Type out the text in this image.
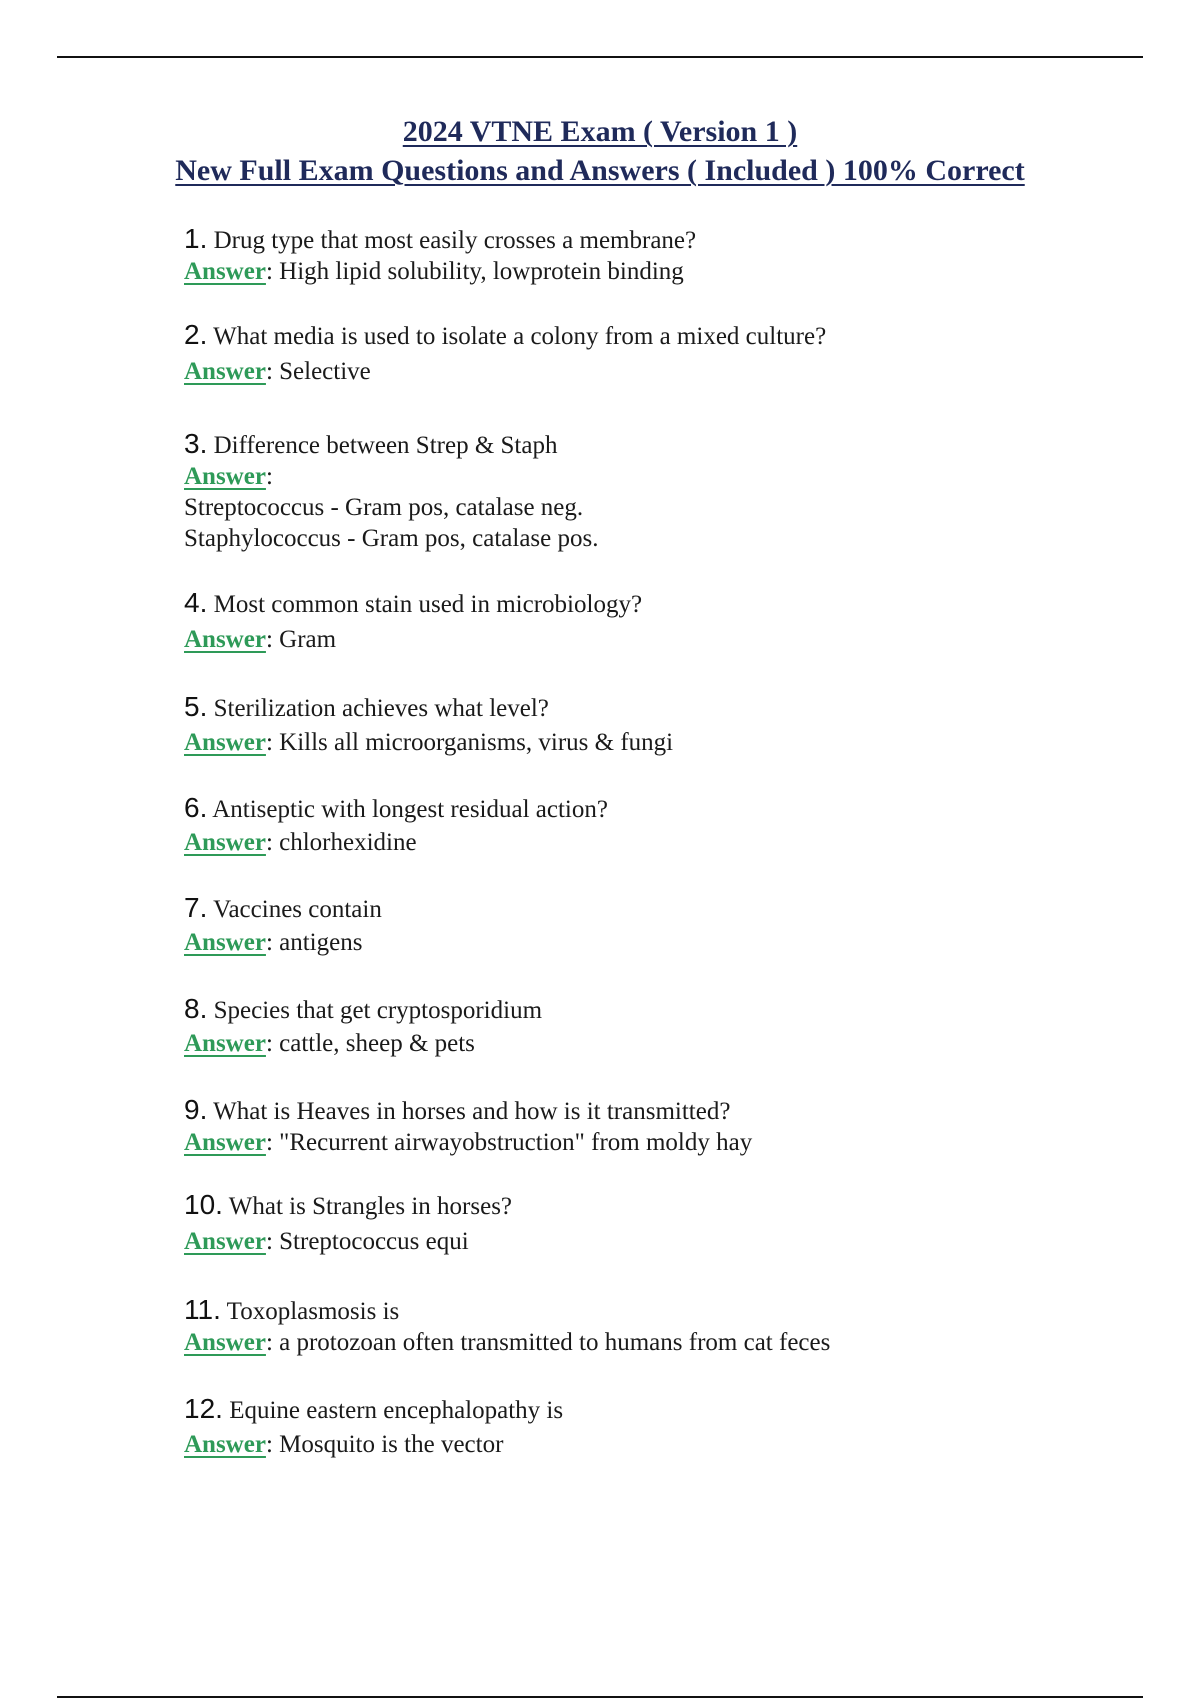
2024 VTNE Exam ( Version 1 )
New Full Exam Questions and Answers ( Included ) 100% Correct
1. Drug type that most easily crosses a membrane?
Answer: High lipid solubility, lowprotein binding
2. What media is used to isolate a colony from a mixed culture?
Answer: Selective
3. Difference between Strep & Staph
Answer:
Streptococcus - Gram pos, catalase neg.
Staphylococcus - Gram pos, catalase pos.
4. Most common stain used in microbiology?
Answer: Gram
5. Sterilization achieves what level?
Answer: Kills all microorganisms, virus & fungi
6. Antiseptic with longest residual action?
Answer: chlorhexidine
7. Vaccines contain
Answer: antigens
8. Species that get cryptosporidium
Answer: cattle, sheep & pets
9. What is Heaves in horses and how is it transmitted?
Answer: "Recurrent airwayobstruction" from moldy hay
10. What is Strangles in horses?
Answer: Streptococcus equi
11. Toxoplasmosis is
Answer: a protozoan often transmitted to humans from cat feces
12. Equine eastern encephalopathy is
Answer: Mosquito is the vector
